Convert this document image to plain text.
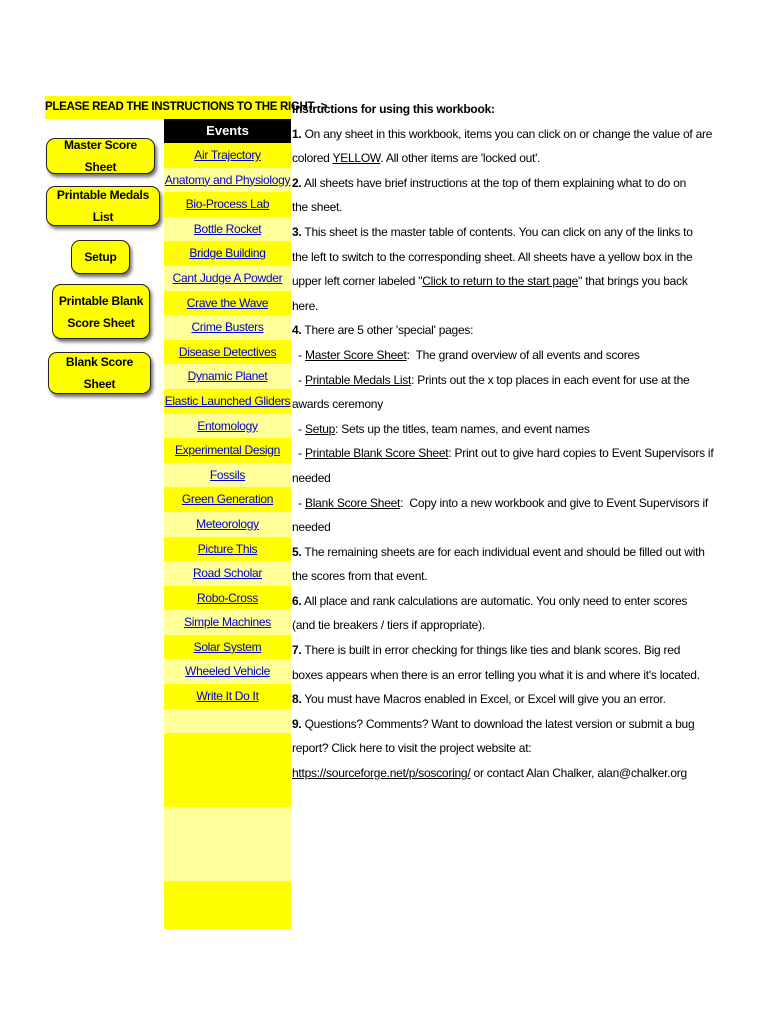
PLEASE READ THE INSTRUCTIONS TO THE RIGHT ->
Master Score Sheet
Printable Medals List
Setup
Printable Blank
Score Sheet
Blank Score Sheet
Events
Air Trajectory
Anatomy and Physiology
Bio-Process Lab
Bottle Rocket
Bridge Building
Cant Judge A Powder
Crave the Wave
Crime Busters
Disease Detectives
Dynamic Planet
Elastic Launched Gliders
Entomology
Experimental Design
Fossils
Green Generation
Meteorology
Picture This
Road Scholar
Robo-Cross
Simple Machines
Solar System
Wheeled Vehicle
Write It Do It
Instructions for using this workbook:
1. On any sheet in this workbook, items you can click on or change the value of are
colored YELLOW. All other items are 'locked out'.
2. All sheets have brief instructions at the top of them explaining what to do on
the sheet.
3. This sheet is the master table of contents. You can click on any of the links to
the left to switch to the corresponding sheet. All sheets have a yellow box in the
upper left corner labeled "Click to return to the start page" that brings you back
here.
4. There are 5 other 'special' pages:
- Master Score Sheet:  The grand overview of all events and scores
- Printable Medals List: Prints out the x top places in each event for use at the
awards ceremony
- Setup: Sets up the titles, team names, and event names
- Printable Blank Score Sheet: Print out to give hard copies to Event Supervisors if
needed
- Blank Score Sheet:  Copy into a new workbook and give to Event Supervisors if
needed
5. The remaining sheets are for each individual event and should be filled out with
the scores from that event.
6. All place and rank calculations are automatic. You only need to enter scores
(and tie breakers / tiers if appropriate).
7. There is built in error checking for things like ties and blank scores. Big red
boxes appears when there is an error telling you what it is and where it's located.
8. You must have Macros enabled in Excel, or Excel will give you an error.
9. Questions? Comments? Want to download the latest version or submit a bug
report? Click here to visit the project website at:
https://sourceforge.net/p/soscoring/ or contact Alan Chalker, alan@chalker.org
